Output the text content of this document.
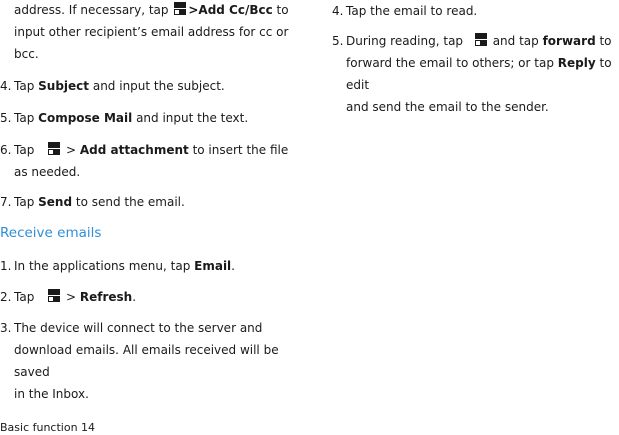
address. If necessary, tap >Add Cc/Bcc to
input other recipient’s email address for cc or bcc.

4. Tap Subject and input the subject.

5. Tap Compose Mail and input the text.

6. Tap	> Add attachment to insert the file
as needed.

7. Tap Send to send the email.

Receive emails

1. In the applications menu, tap Email.

2. Tap	> Refresh.

3. The device will connect to the server and
download emails. All emails received will be saved
in the Inbox.

4. Tap the email to read.

5. During reading, tap
and tap forward to
forward the email to others; or tap Reply to edit
and send the email to the sender.

Basic function 14
